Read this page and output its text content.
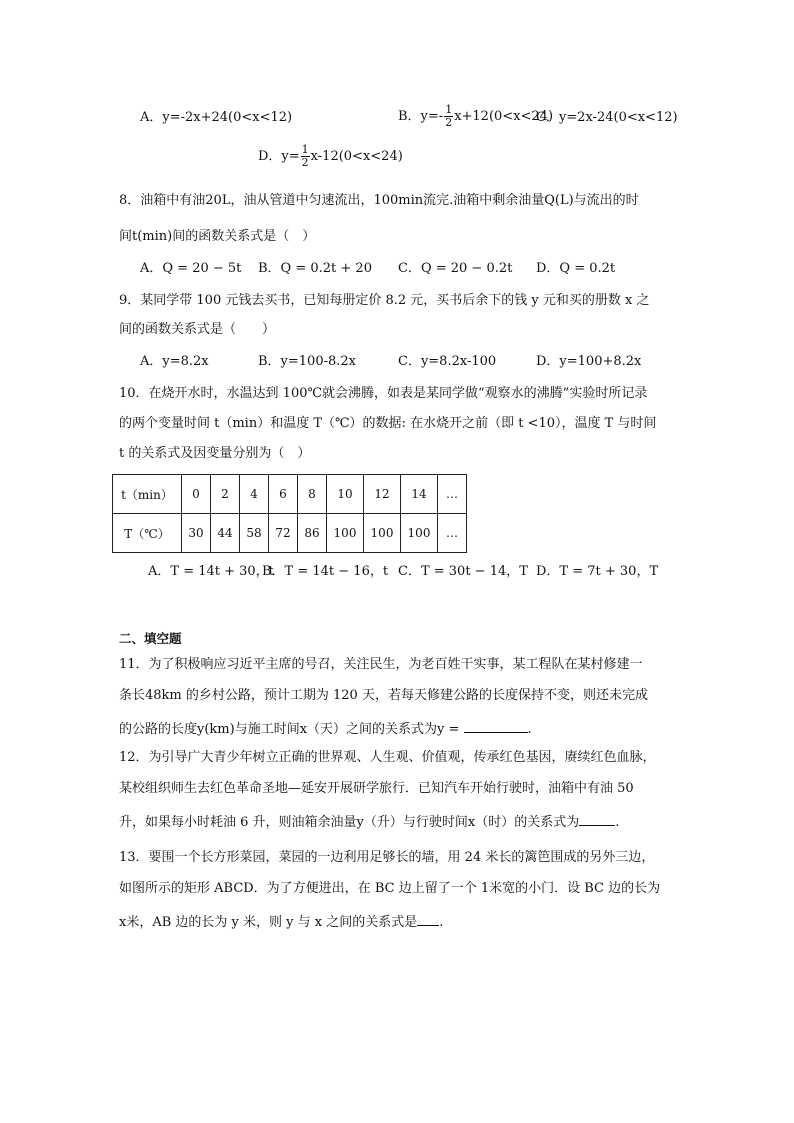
A．y=-2x+24(0<x<12)	B．$y=- \frac{1}{2} x+12(0<x<24)$
C．y=2x-24(0<x<12)
D．$y= \frac{1}{2} x-12(0<x<24)$
8．油箱中有油20L，油从管道中匀速流出，100min流完.油箱中剩余油量Q(L)与流出的时
间t(min)间的函数关系式是（　）
A．Q = 20 − 5t B．Q = 0.2t + 20 C．Q = 20 − 0.2t D．Q = 0.2t
9．某同学带 100 元钱去买书，已知每册定价 8.2 元，买书后余下的钱 y 元和买的册数 x 之
间的函数关系式是（　　）
A．y=8.2x	B．y=100-8.2x	C．y=8.2x-100	D．y=100+8.2x
10．在烧开水时，水温达到 100℃就会沸腾，如表是某同学做“观察水的沸腾”实验时所记录
的两个变量时间 t（min）和温度 T（℃）的数据: 在水烧开之前（即 t <10），温度 T 与时间
t 的关系式及因变量分别为（　）
t（min）	0	2	4	6	8	10	12	14	…
T（℃）	30	44	58	72	86	100	100	100	…
A．T = 14t + 30，t
B．T = 14t − 16，t C．T = 30t − 14，T D．T = 7t + 30，T
二、填空题
11．为了积极响应习近平主席的号召，关注民生，为老百姓干实事，某工程队在某村修建一
条长48km 的乡村公路，预计工期为 120 天，若每天修建公路的长度保持不变，则还未完成
的公路的长度y(km)与施工时间x（天）之间的关系式为y =	.
12．为引导广大青少年树立正确的世界观、人生观、价值观，传承红色基因，赓续红色血脉，
某校组织师生去红色革命圣地—延安开展研学旅行．已知汽车开始行驶时，油箱中有油 50
升，如果每小时耗油 6 升，则油箱余油量y（升）与行驶时间x（时）的关系式为	.
13．要围一个长方形菜园，菜园的一边利用足够长的墙，用 24 米长的篱笆围成的另外三边，
如图所示的矩形 ABCD．为了方便进出，在 BC 边上留了一个 1米宽的小门．设 BC 边的长为
x米，AB 边的长为 y 米，则 y 与 x 之间的关系式是 .
